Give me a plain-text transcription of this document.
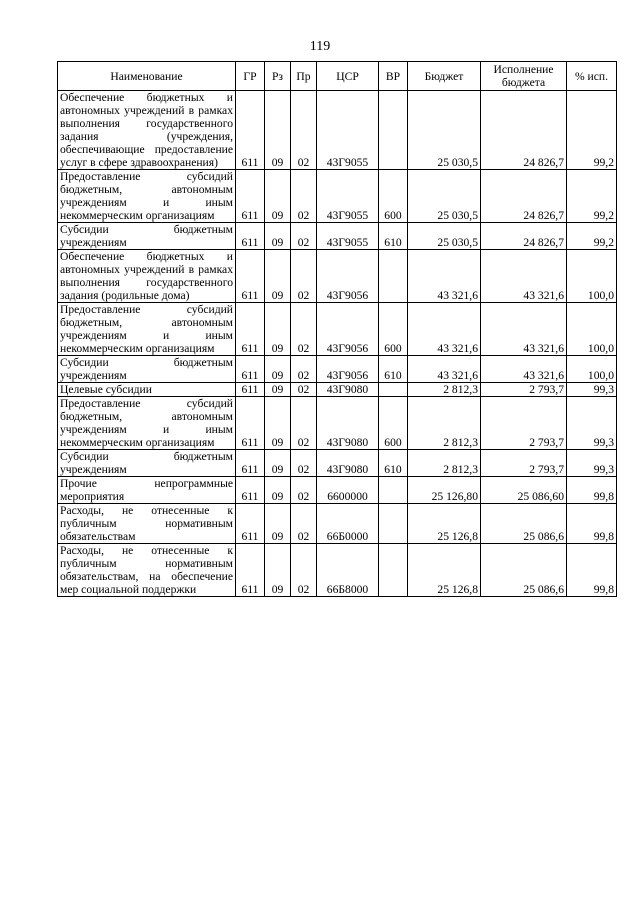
119
Наименование	ГР	Рз	Пр	ЦСР	ВР	Бюджет	Исполнение бюджета	% исп.
Обеспечение бюджетных и автономных учреждений в рамках выполнения государственного задания (учреждения, обеспечивающие предоставление услуг в сфере здравоохранения)	611	09	02	43Г9055		25 030,5	24 826,7	99,2
Предоставление субсидий бюджетным, автономным учреждениям и иным некоммерческим организациям	611	09	02	43Г9055	600	25 030,5	24 826,7	99,2
Субсидии бюджетным учреждениям	611	09	02	43Г9055	610	25 030,5	24 826,7	99,2
Обеспечение бюджетных и автономных учреждений в рамках выполнения государственного задания (родильные дома)	611	09	02	43Г9056		43 321,6	43 321,6	100,0
Предоставление субсидий бюджетным, автономным учреждениям и иным некоммерческим организациям	611	09	02	43Г9056	600	43 321,6	43 321,6	100,0
Субсидии бюджетным учреждениям	611	09	02	43Г9056	610	43 321,6	43 321,6	100,0
Целевые субсидии	611	09	02	43Г9080		2 812,3	2 793,7	99,3
Предоставление субсидий бюджетным, автономным учреждениям и иным некоммерческим организациям	611	09	02	43Г9080	600	2 812,3	2 793,7	99,3
Субсидии бюджетным учреждениям	611	09	02	43Г9080	610	2 812,3	2 793,7	99,3
Прочие непрограммные мероприятия	611	09	02	6600000		25 126,80	25 086,60	99,8
Расходы, не отнесенные к публичным нормативным обязательствам	611	09	02	66Б0000		25 126,8	25 086,6	99,8
Расходы, не отнесенные к публичным нормативным обязательствам, на обеспечение мер социальной поддержки	611	09	02	66Б8000		25 126,8	25 086,6	99,8
